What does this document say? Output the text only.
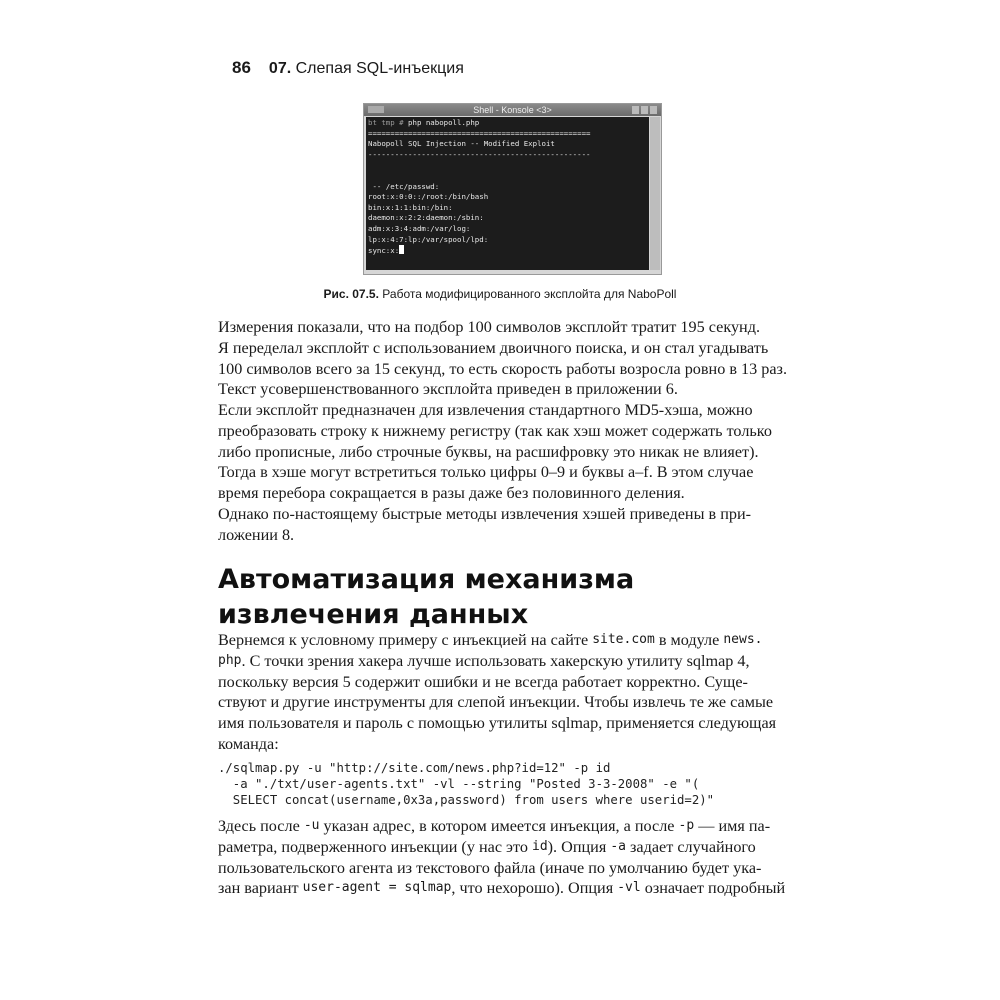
86 07. Слепая SQL-инъекция
Shell - Konsole <3>
bt tmp # php nabopoll.php
==================================================
Nabopoll SQL Injection -- Modified Exploit
--------------------------------------------------

-- /etc/passwd:
root:x:0:0::/root:/bin/bash
bin:x:1:1:bin:/bin:
daemon:x:2:2:daemon:/sbin:
adm:x:3:4:adm:/var/log:
lp:x:4:7:lp:/var/spool/lpd:
sync:x:
Рис. 07.5. Работа модифицированного эксплойта для NaboPoll
Измерения показали, что на подбор 100 символов эксплойт тратит 195 секунд.
Я переделал эксплойт с использованием двоичного поиска, и он стал угадывать
100 символов всего за 15 секунд, то есть скорость работы возросла ровно в 13 раз.
Текст усовершенствованного эксплойта приведен в приложении 6.
Если эксплойт предназначен для извлечения стандартного MD5-хэша, можно
преобразовать строку к нижнему регистру (так как хэш может содержать только
либо прописные, либо строчные буквы, на расшифровку это никак не влияет).
Тогда в хэше могут встретиться только цифры 0–9 и буквы a–f. В этом случае
время перебора сокращается в разы даже без половинного деления.
Однако по-настоящему быстрые методы извлечения хэшей приведены в при-
ложении 8.
Автоматизация механизма
извлечения данных
Вернемся к условному примеру с инъекцией на сайте site.com в модуле news.
php . С точки зрения хакера лучше использовать хакерскую утилиту sqlmap 4,
поскольку версия 5 содержит ошибки и не всегда работает корректно. Суще-
ствуют и другие инструменты для слепой инъекции. Чтобы извлечь те же самые
имя пользователя и пароль с помощью утилиты sqlmap, применяется следующая
команда:
./sqlmap.py -u "http://site.com/news.php?id=12" -p id
-a "./txt/user-agents.txt" -vl --string "Posted 3-3-2008" -e "(
SELECT concat(username,0x3a,password) from users where userid=2)"
Здесь после -u указан адрес, в котором имеется инъекция, а после -p — имя па-
раметра, подверженного инъекции (у нас это id ). Опция -a задает случайного
пользовательского агента из текстового файла (иначе по умолчанию будет ука-
зан вариант user-agent = sqlmap , что нехорошо). Опция -vl означает подробный
